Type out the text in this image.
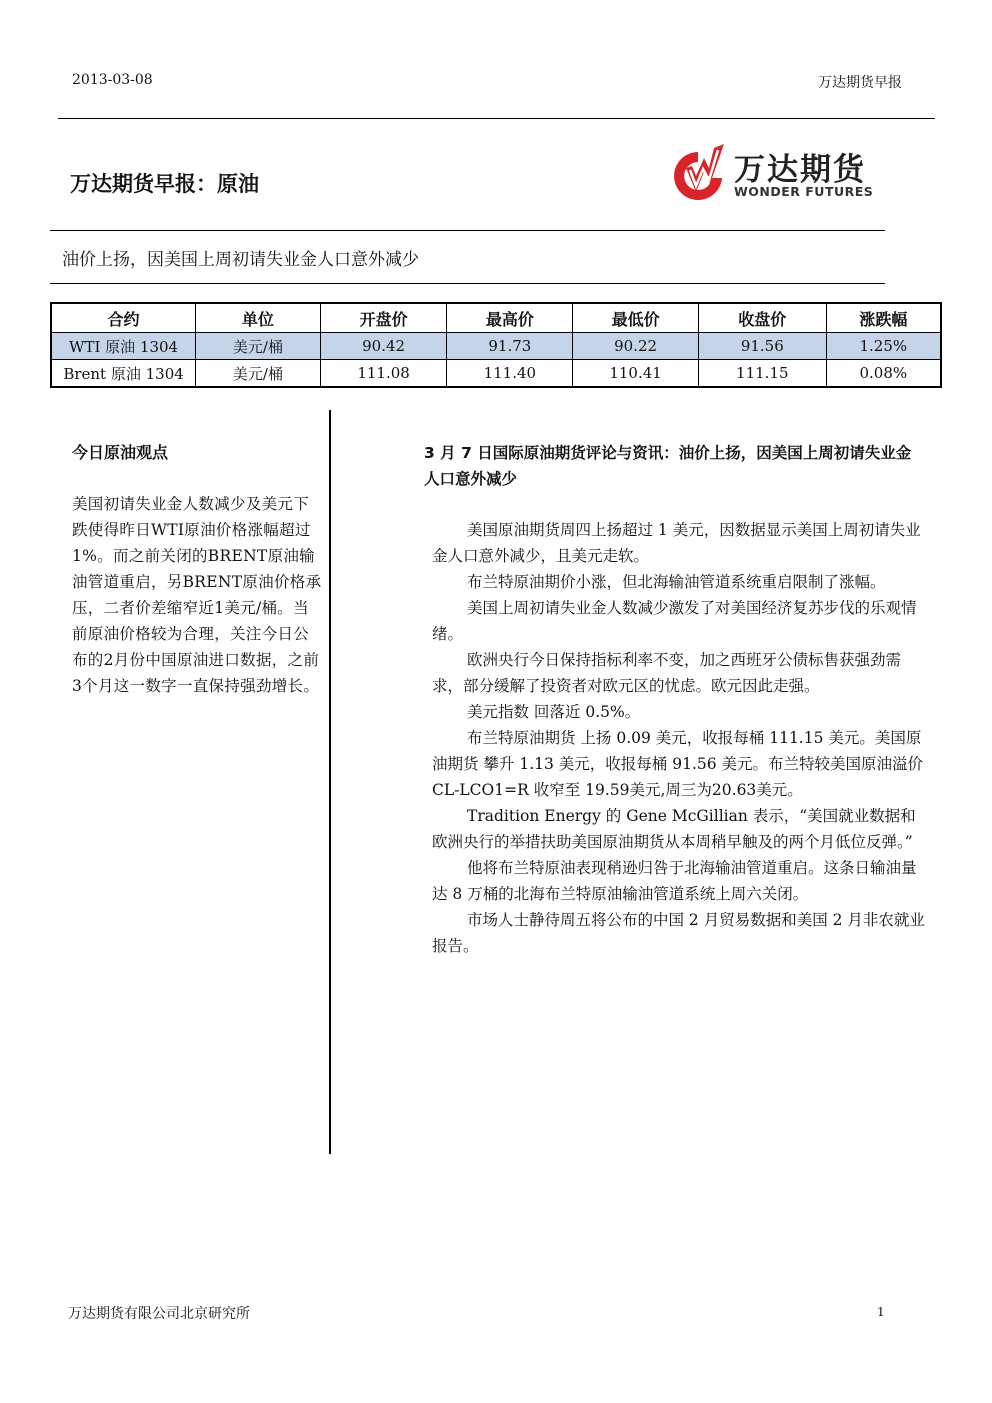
2013-03-08	万达期货早报
万达期货早报：原油	万达期货
WONDER FUTURES
油价上扬，因美国上周初请失业金人口意外减少
合约	单位	开盘价	最高价	最低价	收盘价	涨跌幅
WTI 原油 1304	美元/桶	90.42	91.73	90.22	91.56	1.25%
Brent 原油 1304	美元/桶	111.08	111.40	110.41	111.15	0.08%
今日原油观点
美国初请失业金人数减少及美元下跌使得昨日WTI原油价格涨幅超过1%。而之前关闭的BRENT原油输油管道重启，另BRENT原油价格承压，二者价差缩窄近1美元/桶。当前原油价格较为合理，关注今日公布的2月份中国原油进口数据，之前3个月这一数字一直保持强劲增长。
3 月 7 日国际原油期货评论与资讯：油价上扬，因美国上周初请失业金人口意外减少

美国原油期货周四上扬超过 1 美元，因数据显示美国上周初请失业金人口意外减少，且美元走软。

布兰特原油期价小涨，但北海输油管道系统重启限制了涨幅。

美国上周初请失业金人数减少激发了对美国经济复苏步伐的乐观情绪。

欧洲央行今日保持指标利率不变，加之西班牙公债标售获强劲需求，部分缓解了投资者对欧元区的忧虑。欧元因此走强。

美元指数 回落近 0.5%。

布兰特原油期货 上扬 0.09 美元，收报每桶 111.15 美元。美国原油期货 攀升 1.13 美元，收报每桶 91.56 美元。布兰特较美国原油溢价 CL-LCO1=R 收窄至 19.59美元,周三为20.63美元。

Tradition Energy 的 Gene McGillian 表示，“美国就业数据和欧洲央行的举措扶助美国原油期货从本周稍早触及的两个月低位反弹。”

他将布兰特原油表现稍逊归咎于北海输油管道重启。这条日输油量达 8 万桶的北海布兰特原油输油管道系统上周六关闭。

市场人士静待周五将公布的中国 2 月贸易数据和美国 2 月非农就业报告。

万达期货有限公司北京研究所	1
